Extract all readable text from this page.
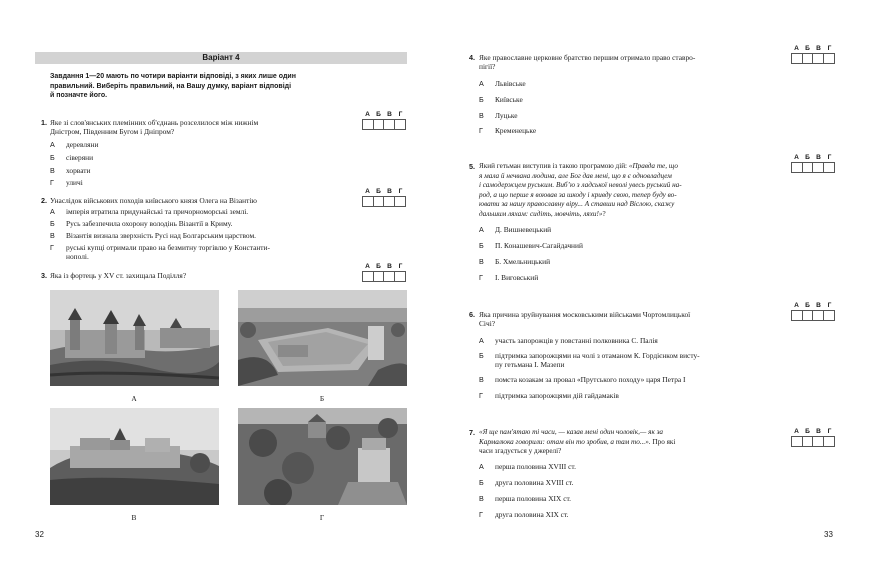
Варіант 4
Завдання 1—20 мають по чотири варіанти відповіді, з яких лише один
правильний. Виберіть правильний, на Вашу думку, варіант відповіді
й позначте його.
1. Яке зі слов'янських племінних об'єднань розселилося між нижнім
Дністром, Південним Бугом і Дніпром?
А Б В	Г
А деревляни
Б сіверяни
В хорвати
Г уличі
2. Унаслідок військових походів київського князя Олега на Візантію
А Б В	Г
А імперія втратила придунайські та причорноморські землі.
Б Русь забезпечила охорону володінь Візантії в Криму.
В Візантія визнала зверхність Русі над Болгарським царством.
Г руські купці отримали право на безмитну торгівлю у Константи-
нополі.
3. Яка із фортець у XV ст. захищала Поділля?
А Б В	Г
А	Б
В	Г
32
4. Яке православне церковне братство першим отримало право ставро-
пігії?
А Б В	Г
А Львівське
Б Київське
В Луцьке
Г Кременецьке
5. Який гетьман виступив із такою програмою дій: «Правда те, що
я мала й нечвана людина, але Бог дав мені, що я є одновладцем
і самодержцем руським. Вибʼю з ладської неволі увесь руський на-
род, а що перше я воював за шкоду і кривду свою, тепер буду во-
ювати за нашу православну віру... А ставши над Віслою, скажу
дальшим ляхам: сидіть, мовчіть, ляхи!»?
А Б В	Г
А Д. Вишневецький
Б П. Конашевич-Сагайдачний
В Б. Хмельницький
Г І. Виговський
6. Яка причина зруйнування московськими військами Чортомлицької
Січі?
А Б В	Г
А участь запорожців у повстанні полковника С. Палія
Б підтримка запорожцями на чолі з отаманом К. Гордієнком висту-
пу гетьмана І. Мазепи
В помста козакам за провал «Прутського походу» царя Петра І
Г підтримка запорожцями дій гайдамаків
7. «Я ще пам'ятаю ті часи, — казав мені один чоловік,— як за
Кармалюка говорили: отам він то зробив, а там то...». Про які
часи згадується у джерелі?
А Б В	Г
А перша половина XVIII ст.
Б друга половина XVIII ст.
В перша половина XIX ст.
Г друга половина XIX ст.
33
